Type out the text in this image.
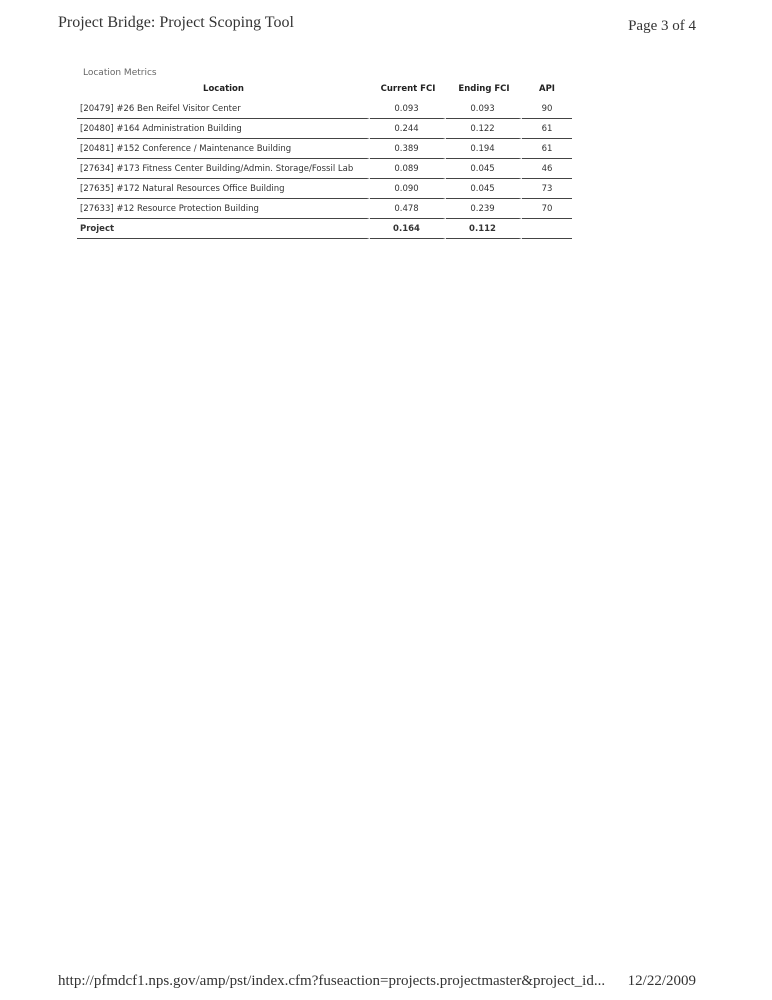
Project Bridge: Project Scoping Tool	Page 3 of 4
Location Metrics
Location	Current FCI	Ending FCI	API
[20479] #26 Ben Reifel Visitor Center	0.093	0.093	90
[20480] #164 Administration Building	0.244	0.122	61
[20481] #152 Conference / Maintenance Building	0.389	0.194	61
[27634] #173 Fitness Center Building/Admin. Storage/Fossil Lab	0.089	0.045	46
[27635] #172 Natural Resources Office Building	0.090	0.045	73
[27633] #12 Resource Protection Building	0.478	0.239	70
Project	0.164	0.112	
http://pfmdcf1.nps.gov/amp/pst/index.cfm?fuseaction=projects.projectmaster&project_id... 12/22/2009
